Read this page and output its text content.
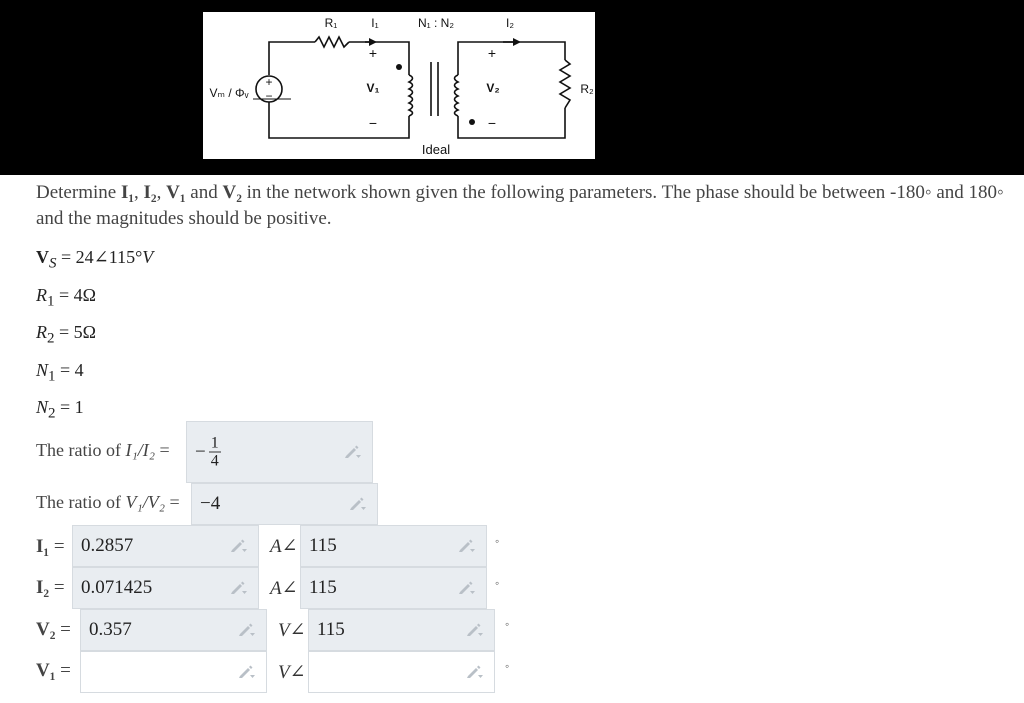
+
−
R₁	I₁	N₁ : N₂	I₂
Vₘ / Φᵥ
+
V₁
−
+
V₂
−
R₂
Ideal
Determine I₁, I₂, V₁ and V₂ in the network shown given the following parameters. The phase should be between -180◦ and 180◦ and the magnitudes should be positive.
$V_S$ = 24∠115°V
$R_1 = 4\Omega$
$R_2 = 5\Omega$
$N_1 = 4$
$N_2 = 1$
The ratio of I₁/I₂ = − $\frac{1}{4}$
The ratio of V₁/V₂ = −4
I₁ = 0.2857	A∠ 115	◦
I₂ = 0.071425	A∠ 115	◦
V₂ = 0.357	V∠ 115	◦
V₁ =	V∠	◦
